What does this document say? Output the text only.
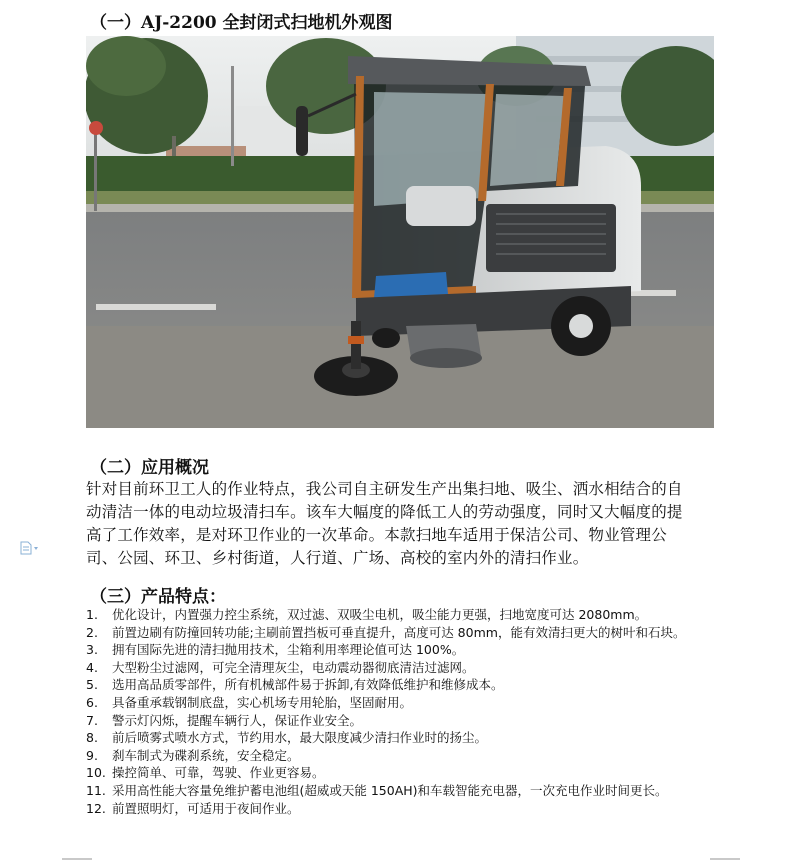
（一）AJ-2200 全封闭式扫地机外观图
（二）应用概况
针对目前环卫工人的作业特点，我公司自主研发生产出集扫地、吸尘、洒水相结合的自
动清洁一体的电动垃圾清扫车。该车大幅度的降低工人的劳动强度，同时又大幅度的提
高了工作效率，是对环卫作业的一次革命。本款扫地车适用于保洁公司、物业管理公
司、公园、环卫、乡村街道，人行道、广场、高校的室内外的清扫作业。
（三）产品特点：
1.	优化设计，内置强力控尘系统，双过滤、双吸尘电机，吸尘能力更强，扫地宽度可达 2080mm。
2.	前置边刷有防撞回转功能;主刷前置挡板可垂直提升，高度可达 80mm，能有效清扫更大的树叶和石块。
3.	拥有国际先进的清扫抛用技术，尘箱利用率理论值可达 100%。
4.	大型粉尘过滤网，可完全清理灰尘，电动震动器彻底清洁过滤网。
5.	选用高品质零部件，所有机械部件易于拆卸,有效降低维护和维修成本。
6.	具备重承载钢制底盘，实心机场专用轮胎，坚固耐用。
7.	警示灯闪烁，提醒车辆行人，保证作业安全。
8.	前后喷雾式喷水方式，节约用水，最大限度减少清扫作业时的扬尘。
9.	刹车制式为碟刹系统，安全稳定。
10. 操控简单、可靠，驾驶、作业更容易。
11. 采用高性能大容量免维护蓄电池组(超威或天能 150AH)和车载智能充电器，一次充电作业时间更长。
12. 前置照明灯，可适用于夜间作业。
